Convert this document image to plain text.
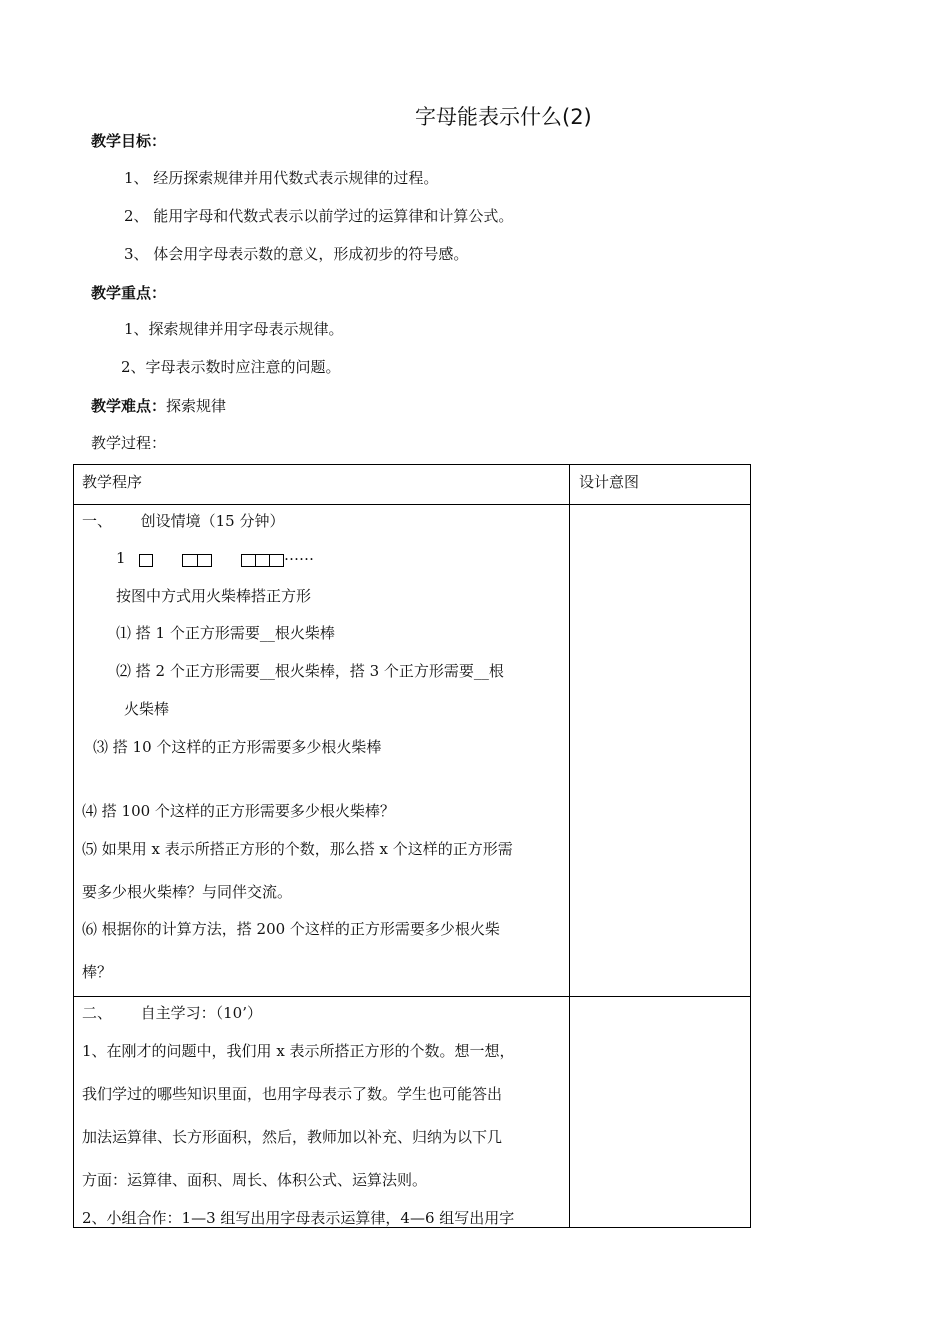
字母能表示什么(2)
教学目标：
1、 经历探索规律并用代数式表示规律的过程。
2、 能用字母和代数式表示以前学过的运算律和计算公式。
3、 体会用字母表示数的意义，形成初步的符号感。
教学重点：
1、探索规律并用字母表示规律。
2、字母表示数时应注意的问题。
教学难点：探索规律
教学过程：
教学程序	设计意图
一、      创设情境（15 分钟）
1	……
按图中方式用火柴棒搭正方形
⑴ 搭 1 个正方形需要__根火柴棒
⑵ 搭 2 个正方形需要__根火柴棒，搭 3 个正方形需要__根
火柴棒
⑶ 搭 10 个这样的正方形需要多少根火柴棒
⑷ 搭 100 个这样的正方形需要多少根火柴棒？
⑸ 如果用 x 表示所搭正方形的个数，那么搭 x 个这样的正方形需
要多少根火柴棒？与同伴交流。
⑹ 根据你的计算方法，搭 200 个这样的正方形需要多少根火柴
棒？
二、      自主学习：（10’）
1、在刚才的问题中，我们用 x 表示所搭正方形的个数。想一想，
我们学过的哪些知识里面，也用字母表示了数。学生也可能答出
加法运算律、长方形面积，然后，教师加以补充、归纳为以下几
方面：运算律、面积、周长、体积公式、运算法则。
2、小组合作：1—3 组写出用字母表示运算律，4—6 组写出用字
